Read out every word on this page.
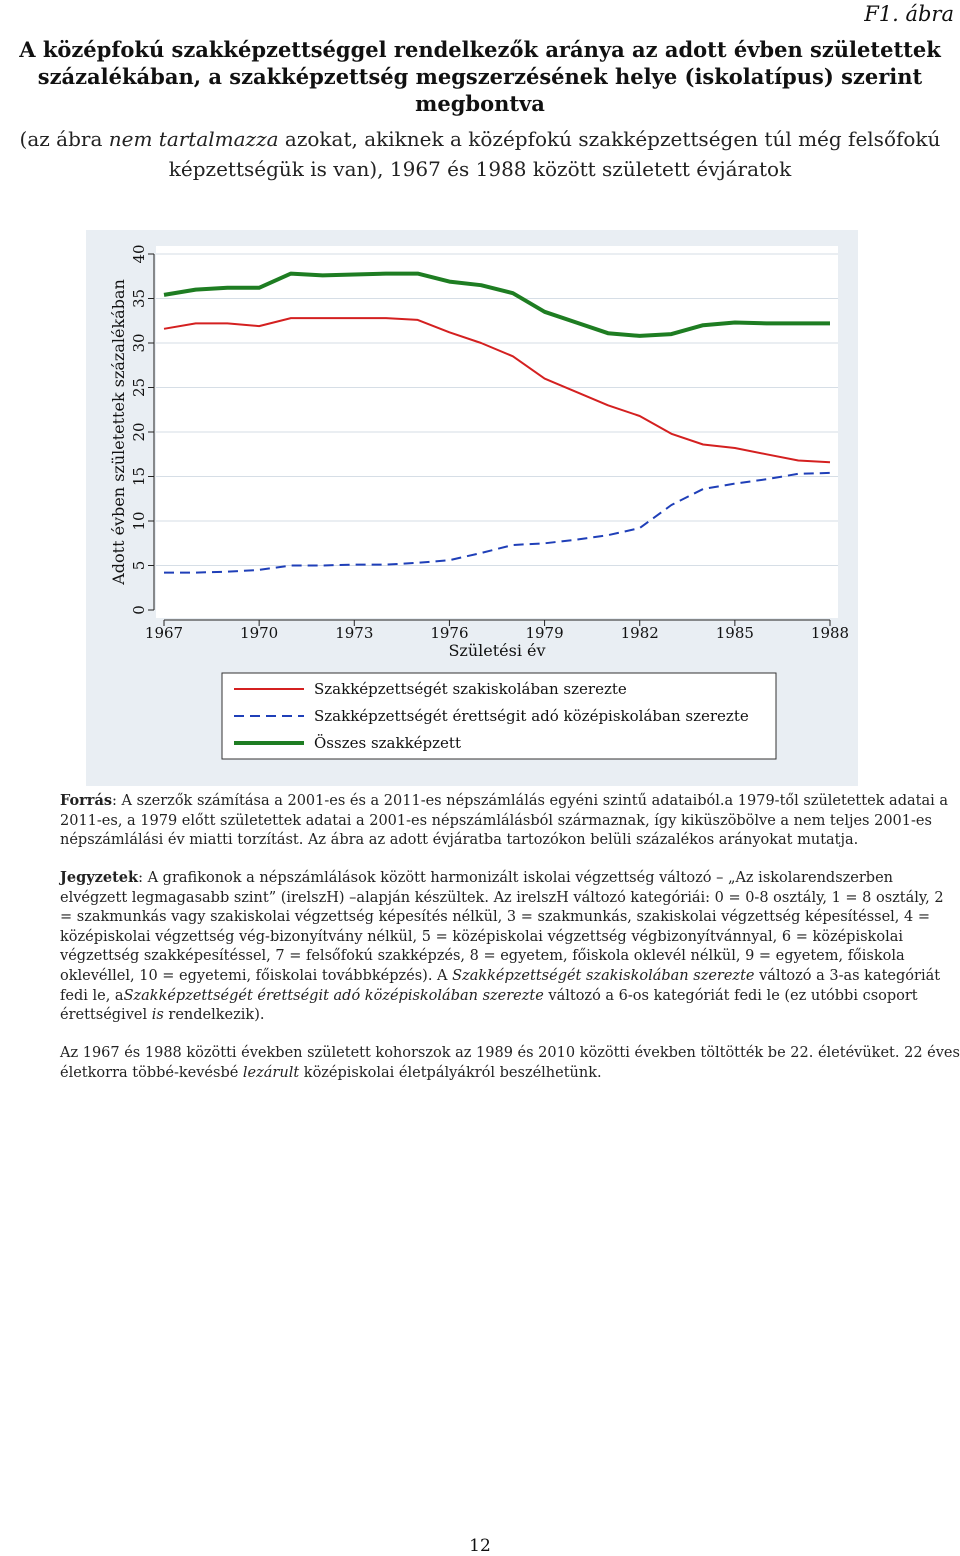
F1. ábra
A középfokú szakképzettséggel rendelkezők aránya az adott évben születettek százalékában, a szakképzettség megszerzésének helye (iskolatípus) szerint megbontva
(az ábra nem tartalmazza azokat, akiknek a középfokú szakképzettségen túl még felsőfokú képzettségük is van), 1967 és 1988 között született évjáratok
0
5
10
15
20
25
30
35
40
1967	1970	1973	1976	1979	1982	1985	1988
Születési év
Adott évben születettek százalékában
Szakképzettségét szakiskolában szerezte
Szakképzettségét érettségit adó középiskolában szerezte
Összes szakképzett
Forrás: A szerzők számítása a 2001-es és a 2011-es népszámlálás egyéni szintű adataiból.a 1979-től születettek adatai a 2011-es, a 1979 előtt születettek adatai a 2001-es népszámlálásból származnak, így kiküszöbölve a nem teljes 2001-es népszámlálási év miatti torzítást. Az ábra az adott évjáratba tartozókon belüli százalékos arányokat mutatja.
Jegyzetek: A grafikonok a népszámlálások között harmonizált iskolai végzettség változó – „Az iskolarendszerben elvégzett legmagasabb szint” (irelszH) –alapján készültek. Az irelszH változó kategóriái: 0 = 0-8 osztály, 1 = 8 osztály, 2 = szakmunkás vagy szakiskolai végzettség képesítés nélkül, 3 = szakmunkás, szakiskolai végzettség képesítéssel, 4 = középiskolai végzettség vég-bizonyítvány nélkül, 5 = középiskolai végzettség végbizonyítvánnyal, 6 = középiskolai végzettség szakképesítéssel, 7 = felsőfokú szakképzés, 8 = egyetem, főiskola oklevél nélkül, 9 = egyetem, főiskola oklevéllel, 10 = egyetemi, főiskolai továbbképzés). A Szakképzettségét szakiskolában szerezte változó a 3-as kategóriát fedi le, aSzakképzettségét érettségit adó középiskolában szerezte változó a 6-os kategóriát fedi le (ez utóbbi csoport érettségivel is rendelkezik).
Az 1967 és 1988 közötti években született kohorszok az 1989 és 2010 közötti években töltötték be 22. életévüket. 22 éves életkorra többé-kevésbé lezárult középiskolai életpályákról beszélhetünk.
12
